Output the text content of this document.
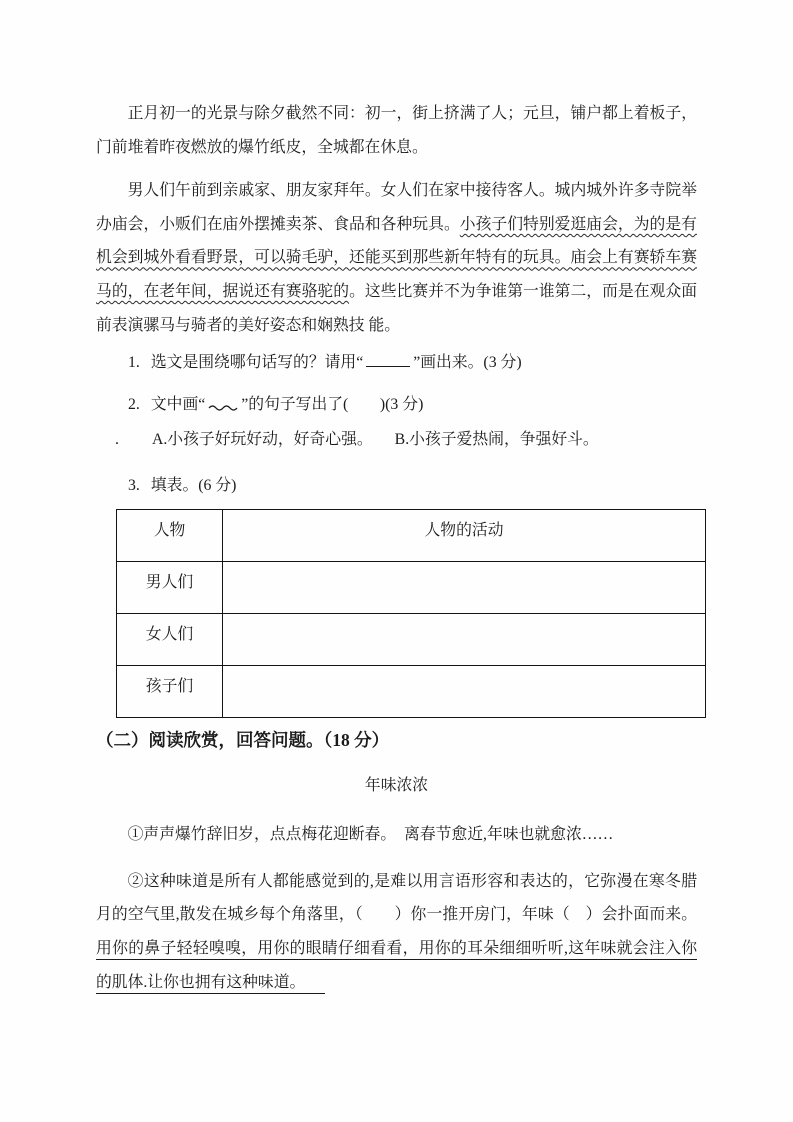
正月初一的光景与除夕截然不同：初一，街上挤满了人；元旦，铺户都上着板子，门前堆着昨夜燃放的爆竹纸皮，全城都在休息。

男人们午前到亲戚家、朋友家拜年。女人们在家中接待客人。城内城外许多寺院举办庙会，小贩们在庙外摆摊卖茶、食品和各种玩具。小孩子们特别爱逛庙会，为的是有机会到城外看看野景，可以骑毛驴，还能买到那些新年特有的玩具。庙会上有赛轿车赛马的，在老年间，据说还有赛骆驼的。这些比赛并不为争谁第一谁第二，而是在观众面前表演骡马与骑者的美好姿态和娴熟技 能。

1. 选文是围绕哪句话写的？请用“	”画出来。(3 分)
2. 文中画“ ”的句子写出了(　　)(3 分)
. A.小孩子好玩好动，好奇心强。 B.小孩子爱热闹，争强好斗。
3. 填表。(6 分)
人物	人物的活动
男人们	
女人们	
孩子们	
（二）阅读欣赏，回答问题。（18 分）
年味浓浓

①声声爆竹辞旧岁，点点梅花迎断春。　离春节愈近,年味也就愈浓……

②这种味道是所有人都能感觉到的,是难以用言语形容和表达的，它弥漫在寒冬腊月的空气里,散发在城乡每个角落里，（　　）你一推开房门，年味（　）会扑面而来。用你的鼻子轻轻嗅嗅，用你的眼睛仔细看看，用你的耳朵细细听听,这年味就会注入你的肌体.让你也拥有这种味道。
